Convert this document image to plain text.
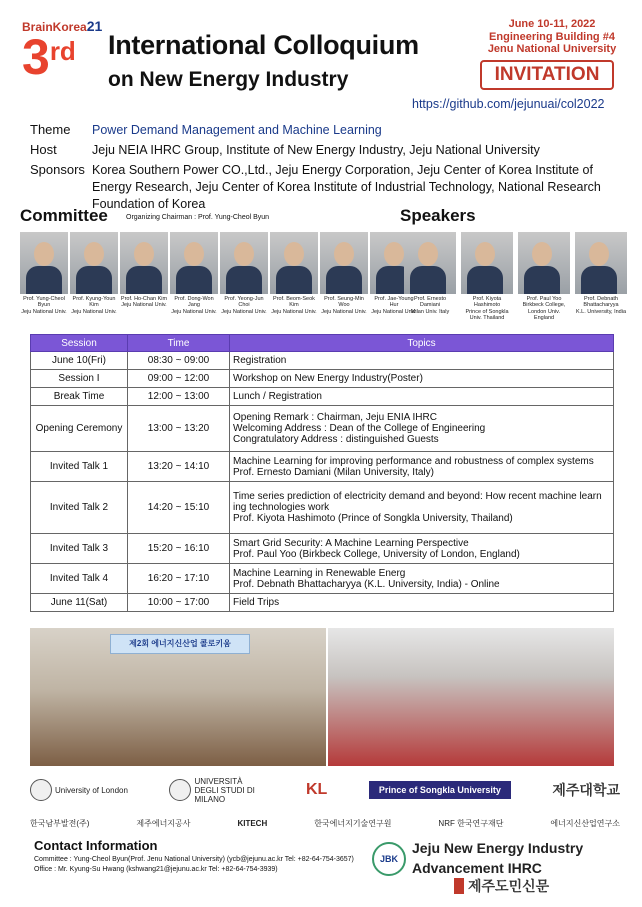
BrainKorea21
3rd International Colloquium
on New Energy Industry
June 10-11, 2022
Engineering Building #4
Jenu National University
INVITATION
https://github.com/jejunuai/col2022
Theme	Power Demand Management and Machine Learning
Host	Jeju NEIA IHRC Group, Institute of New Energy Industry, Jeju National University
Sponsors Korea Southern Power CO.,Ltd., Jeju Energy Corporation, Jeju Center of Korea Institute of Energy Research, Jeju Center of Korea Institute of Industrial Technology, National Research Foundation of Korea
Committee	Organizing Chairman : Prof. Yung-Cheol Byun
Prof. Yung-Cheol Byun
Jeju National Univ.
Prof. Kyung-Youn Kim
Jeju National Univ.
Prof. Ho-Chan Kim
Jeju National Univ.
Prof. Dong-Won Jang
Jeju National Univ.
Prof. Yeong-Jun Choi
Jeju National Univ.
Prof. Beom-Seok Kim
Jeju National Univ.
Prof. Seung-Min Woo
Jeju National Univ.
Prof. Jae-Young Hur
Jeju National Univ.
Speakers
Prof. Ernesto Damiani
Milan Univ. Italy
Prof. Kiyota Hashimoto
Prince of Songkla Univ. Thailand
Prof. Paul Yoo
Birkbeck College, London Univ. England
Prof. Debnath Bhattacharyya
K.L. University, India
Session	Time	Topics
June 10(Fri)	08:30 ~ 09:00	Registration

Session I	09:00 ~ 12:00	Workshop on New Energy Industry(Poster)

Break Time	12:00 ~ 13:00	Lunch / Registration

Opening Ceremony	13:00 ~ 13:20	Opening Remark : Chairman, Jeju ENIA IHRC
Welcoming Address : Dean of the College of Engineering
Congratulatory Address : distinguished Guests

Invited Talk 1	13:20 ~ 14:10	Machine Learning for improving performance and robustness of complex systems
Prof. Ernesto Damiani (Milan University, Italy)

Invited Talk 2	14:20 ~ 15:10	Time series prediction of electricity demand and beyond: How recent machine learn ing technologies work
Prof. Kiyota Hashimoto (Prince of Songkla University, Thailand)

Invited Talk 3	15:20 ~ 16:10	Smart Grid Security: A Machine Learning Perspective
Prof. Paul Yoo (Birkbeck College, University of London, England)

Invited Talk 4	16:20 ~ 17:10	Machine Learning in Renewable Energ
Prof. Debnath Bhattacharyya (K.L. University, India) - Online

June 11(Sat)	10:00 ~ 17:00	Field Trips
제2회 에너지신산업 콜로키움
University of London
UNIVERSITÀ DEGLI STUDI DI MILANO
KL	Prince of Songkla University	제주대학교
한국남부발전(주)	제주에너지공사	KITECH	한국에너지기술연구원	NRF 한국연구재단	에너지신산업연구소
Contact Information
Committee : Yung-Cheol Byun(Prof. Jenu National University) (ycb@jejunu.ac.kr Tel: +82-64-754-3657)
Office : Mr. Kyung-Su Hwang (kshwang21@jejunu.ac.kr Tel: +82-64-754-3939)
JBK
Jeju New Energy Industry
Advancement IHRC
제주도민신문
